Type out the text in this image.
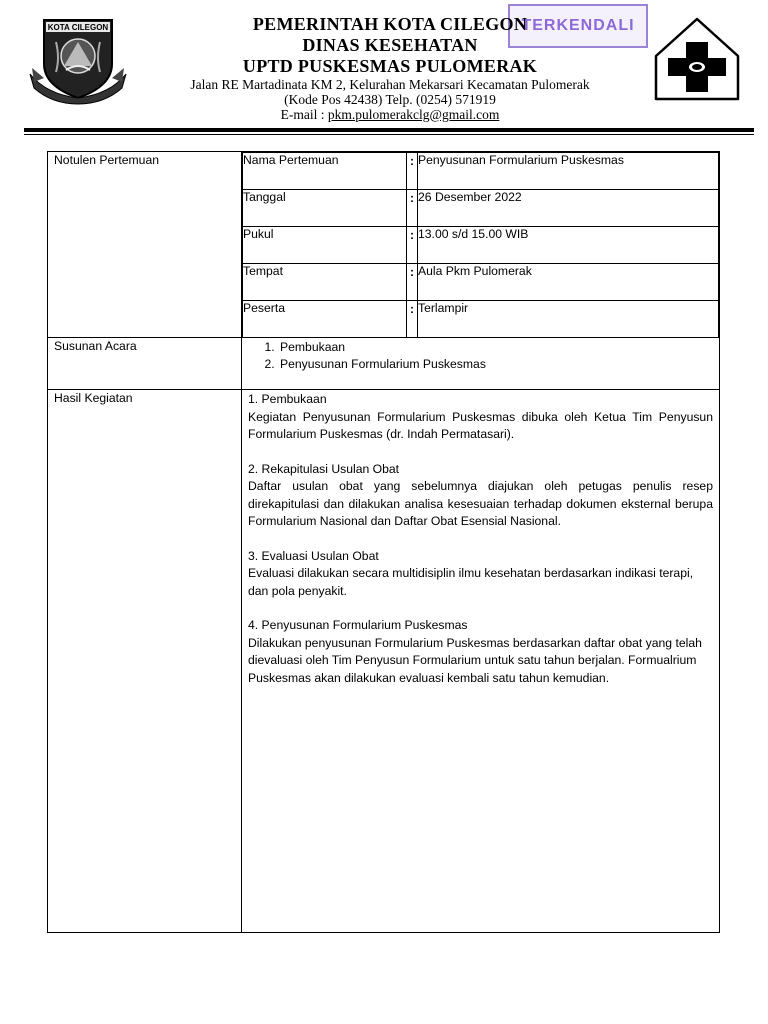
KOTA CILEGON	TERKENDALI
PEMERINTAH KOTA CILEGON
DINAS KESEHATAN
UPTD PUSKESMAS PULOMERAK
Jalan RE Martadinata KM 2, Kelurahan Mekarsari Kecamatan Pulomerak
(Kode Pos 42438) Telp. (0254) 571919
E-mail : pkm.pulomerakclg@gmail.com
Notulen Pertemuan		Nama Pertemuan	:	Penyusunan Formularium Puskesmas
Tanggal	:	26 Desember 2022
Pukul	:	13.00 s/d 15.00 WIB
Tempat	:	Aula Pkm Pulomerak
Peserta	:	Terlampir

Susunan Acara	
1.Pembukaan
2. Penyusunan Formularium Puskesmas

Hasil Kegiatan	1. Pembukaan
Kegiatan Penyusunan Formularium Puskesmas dibuka oleh Ketua Tim Penyusun Formularium Puskesmas (dr. Indah Permatasari).
2. Rekapitulasi Usulan Obat
Daftar usulan obat yang sebelumnya diajukan oleh petugas penulis resep direkapitulasi dan dilakukan analisa kesesuaian terhadap dokumen eksternal berupa Formularium Nasional dan Daftar Obat Esensial Nasional.
3. Evaluasi Usulan Obat
Evaluasi dilakukan secara multidisiplin ilmu kesehatan berdasarkan indikasi terapi, dan pola penyakit.
4. Penyusunan Formularium Puskesmas
Dilakukan penyusunan Formularium Puskesmas berdasarkan daftar obat yang telah dievaluasi oleh Tim Penyusun Formularium untuk satu tahun berjalan. Formualrium Puskesmas akan dilakukan evaluasi kembali satu tahun kemudian.
